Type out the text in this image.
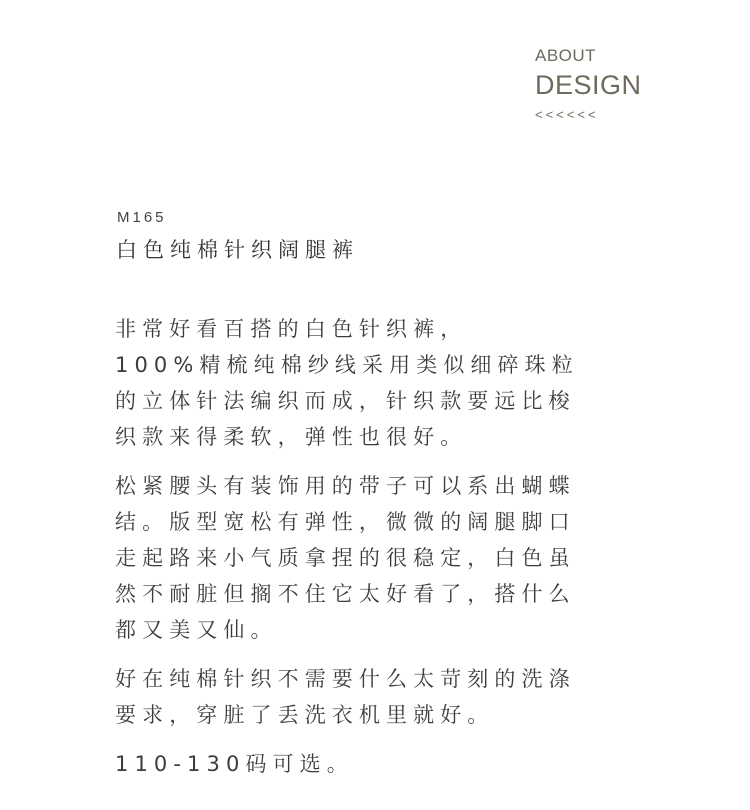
ABOUT
DESIGN
<<<<<<
M165
白色纯棉针织阔腿裤
非常好看百搭的白色针织裤，
100%精梳纯棉纱线采用类似细碎珠粒
的立体针法编织而成，针织款要远比梭
织款来得柔软，弹性也很好。
松紧腰头有装饰用的带子可以系出蝴蝶
结。版型宽松有弹性，微微的阔腿脚口
走起路来小气质拿捏的很稳定，白色虽
然不耐脏但搁不住它太好看了，搭什么
都又美又仙。
好在纯棉针织不需要什么太苛刻的洗涤
要求，穿脏了丢洗衣机里就好。
110-130码可选。
